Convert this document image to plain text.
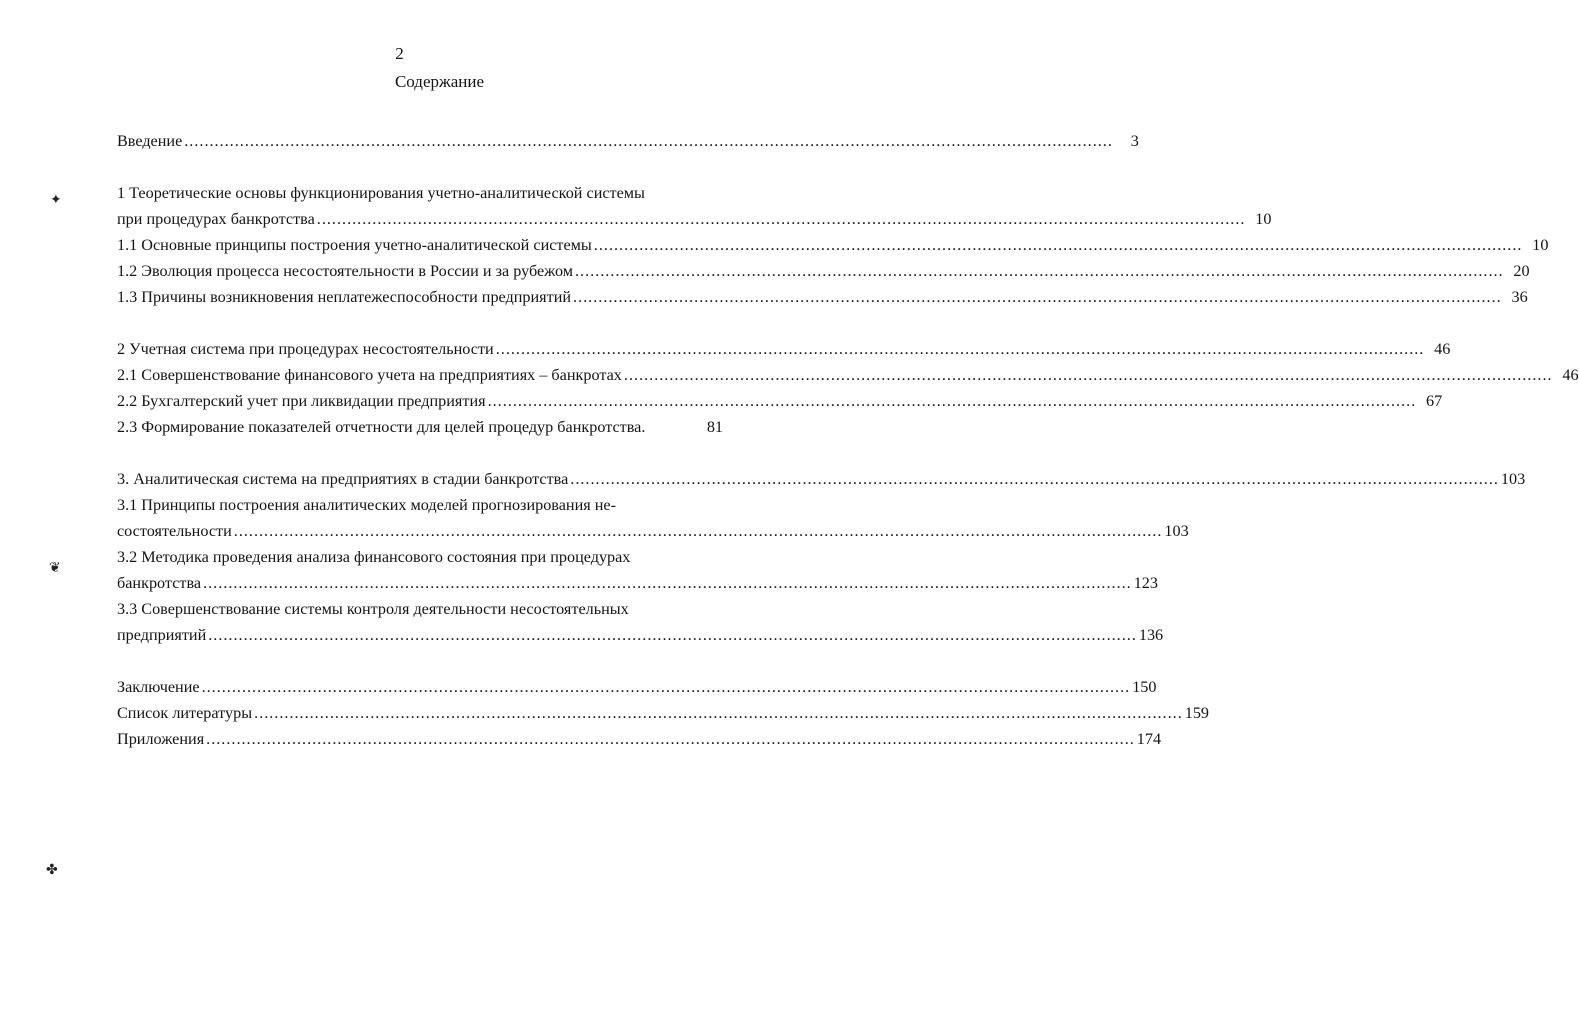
2
Содержание
✦
❦
✤
Введение ........................................................................................................................................................................................	3
1 Теоретические основы функционирования учетно-аналитической системы
при процедурах банкротства ........................................................................................................................................................................................ 10
1.1 Основные принципы построения учетно-аналитической системы ........................................................................................................................................................................................ 10
1.2 Эволюция процесса несостоятельности в России и за рубежом ........................................................................................................................................................................................ 20
1.3 Причины возникновения неплатежеспособности предприятий ........................................................................................................................................................................................ 36
2 Учетная система при процедурах несостоятельности ........................................................................................................................................................................................ 46
2.1 Совершенствование финансового учета на предприятиях – банкротах ........................................................................................................................................................................................ 46
2.2 Бухгалтерский учет при ликвидации предприятия ........................................................................................................................................................................................ 67
2.3 Формирование показателей отчетности для целей процедур банкротства.	81
3. Аналитическая система на предприятиях в стадии банкротства ........................................................................................................................................................................................ 103
3.1 Принципы построения аналитических моделей прогнозирования не-
состоятельности ........................................................................................................................................................................................ 103
3.2 Методика проведения анализа финансового состояния при процедурах
банкротства ........................................................................................................................................................................................ 123
3.3 Совершенствование системы контроля деятельности несостоятельных
предприятий ........................................................................................................................................................................................ 136
Заключение ........................................................................................................................................................................................ 150
Список литературы ........................................................................................................................................................................................ 159
Приложения ........................................................................................................................................................................................ 174
